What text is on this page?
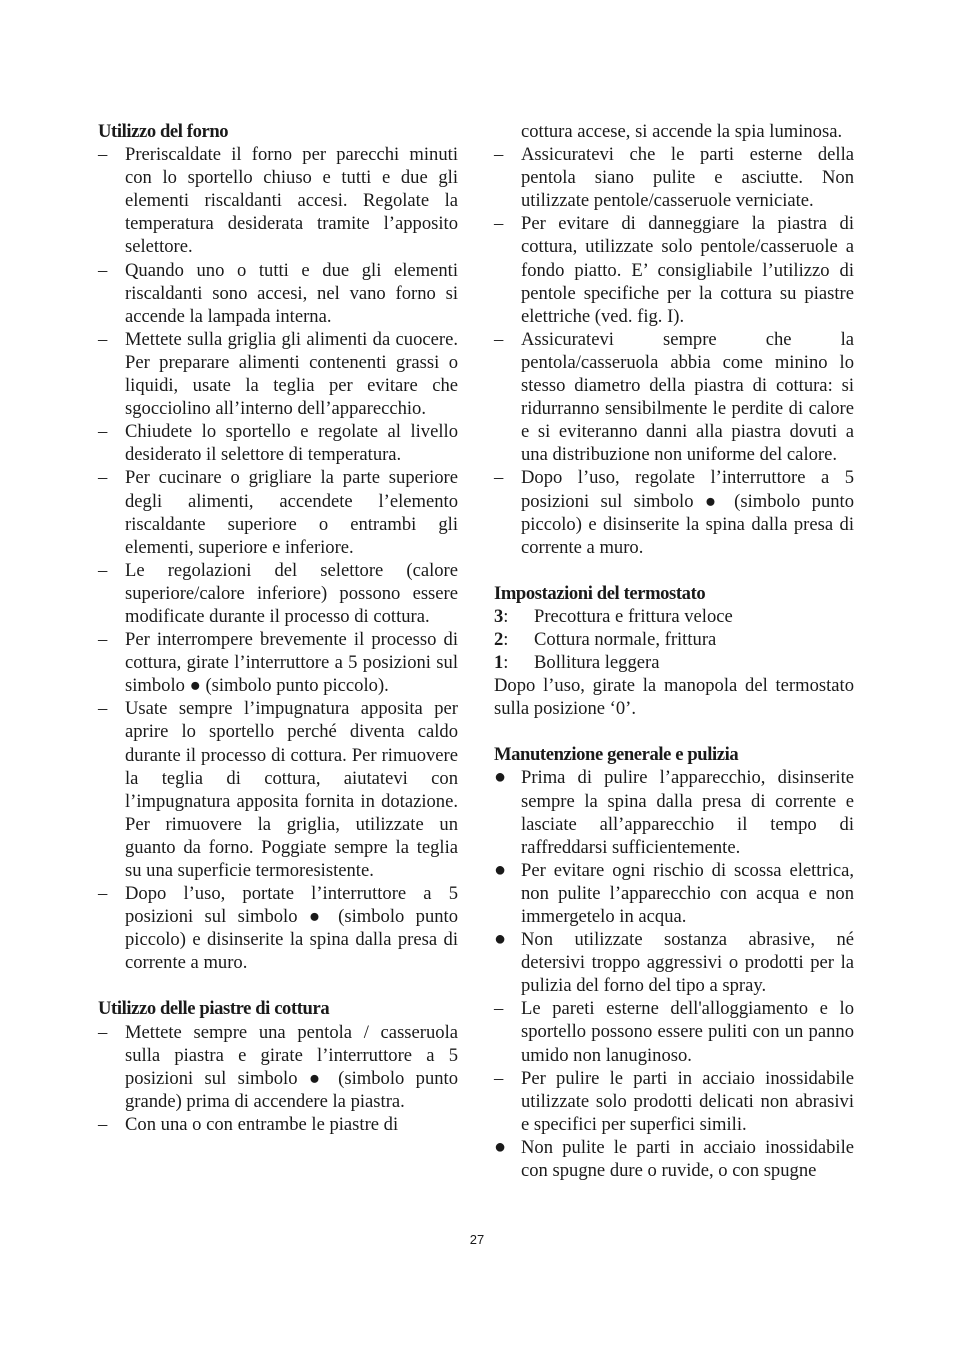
Utilizzo del forno

– Preriscaldate il forno per parecchi minuti con lo sportello chiuso e tutti e due gli elementi riscaldanti accesi. Regolate la temperatura desiderata tramite l’apposito selettore.
– Quando uno o tutti e due gli elementi riscaldanti sono accesi, nel vano forno si accende la lampada interna.
– Mettete sulla griglia gli alimenti da cuocere. Per preparare alimenti contenenti grassi o liquidi, usate la teglia per evitare che sgocciolino all’interno dell’apparecchio.
– Chiudete lo sportello e regolate al livello desiderato il selettore di temperatura.
– Per cucinare o grigliare la parte superiore degli alimenti, accendete l’elemento riscaldante superiore o entrambi gli elementi, superiore e inferiore.
– Le regolazioni del selettore (calore superiore/calore inferiore) possono essere modificate durante il processo di cottura.
– Per interrompere brevemente il processo di cottura, girate l’interruttore a 5 posizioni sul simbolo ● (simbolo punto piccolo).
– Usate sempre l’impugnatura apposita per aprire lo sportello perché diventa caldo durante il processo di cottura. Per rimuovere la teglia di cottura, aiutatevi con l’impugnatura apposita fornita in dotazione. Per rimuovere la griglia, utilizzate un guanto da forno. Poggiate sempre la teglia su una superficie termoresistente.
– Dopo l’uso, portate l’interruttore a 5 posizioni sul simbolo ● (simbolo punto piccolo) e disinserite la spina dalla presa di corrente a muro.

Utilizzo delle piastre di cottura

– Mettete sempre una pentola / casseruola sulla piastra e girate l’interruttore a 5 posizioni sul simbolo ● (simbolo punto grande) prima di accendere la piastra.
– Con una o con entrambe le piastre di
cottura accese, si accende la spia luminosa.
– Assicuratevi che le parti esterne della pentola siano pulite e asciutte. Non utilizzate pentole/casseruole verniciate.
– Per evitare di danneggiare la piastra di cottura, utilizzate solo pentole/casseruole a fondo piatto. E’ consigliabile l’utilizzo di pentole specifiche per la cottura su piastre elettriche (ved. fig. I).
– Assicuratevi sempre che la pentola/casseruola abbia come minino lo stesso diametro della piastra di cottura: si ridurranno sensibilmente le perdite di calore e si eviteranno danni alla piastra dovuti a una distribuzione non uniforme del calore.
– Dopo l’uso, regolate l’interruttore a 5 posizioni sul simbolo ● (simbolo punto piccolo) e disinserite la spina dalla presa di corrente a muro.

Impostazioni del termostato

3:	Precottura e frittura veloce
2:	Cottura normale, frittura
1:	Bollitura leggera
Dopo l’uso, girate la manopola del termostato sulla posizione ‘0’.

Manutenzione generale e pulizia

● Prima di pulire l’apparecchio, disinserite sempre la spina dalla presa di corrente e lasciate all’apparecchio il tempo di raffreddarsi sufficientemente.
● Per evitare ogni rischio di scossa elettrica, non pulite l’apparecchio con acqua e non immergetelo in acqua.
● Non utilizzate sostanza abrasive, né detersivi troppo aggressivi o prodotti per la pulizia del forno del tipo a spray.
– Le pareti esterne dell'alloggiamento e lo sportello possono essere puliti con un panno umido non lanuginoso.
– Per pulire le parti in acciaio inossidabile utilizzate solo prodotti delicati non abrasivi e specifici per superfici simili.
● Non pulite le parti in acciaio inossidabile con spugne dure o ruvide, o con spugne
27
